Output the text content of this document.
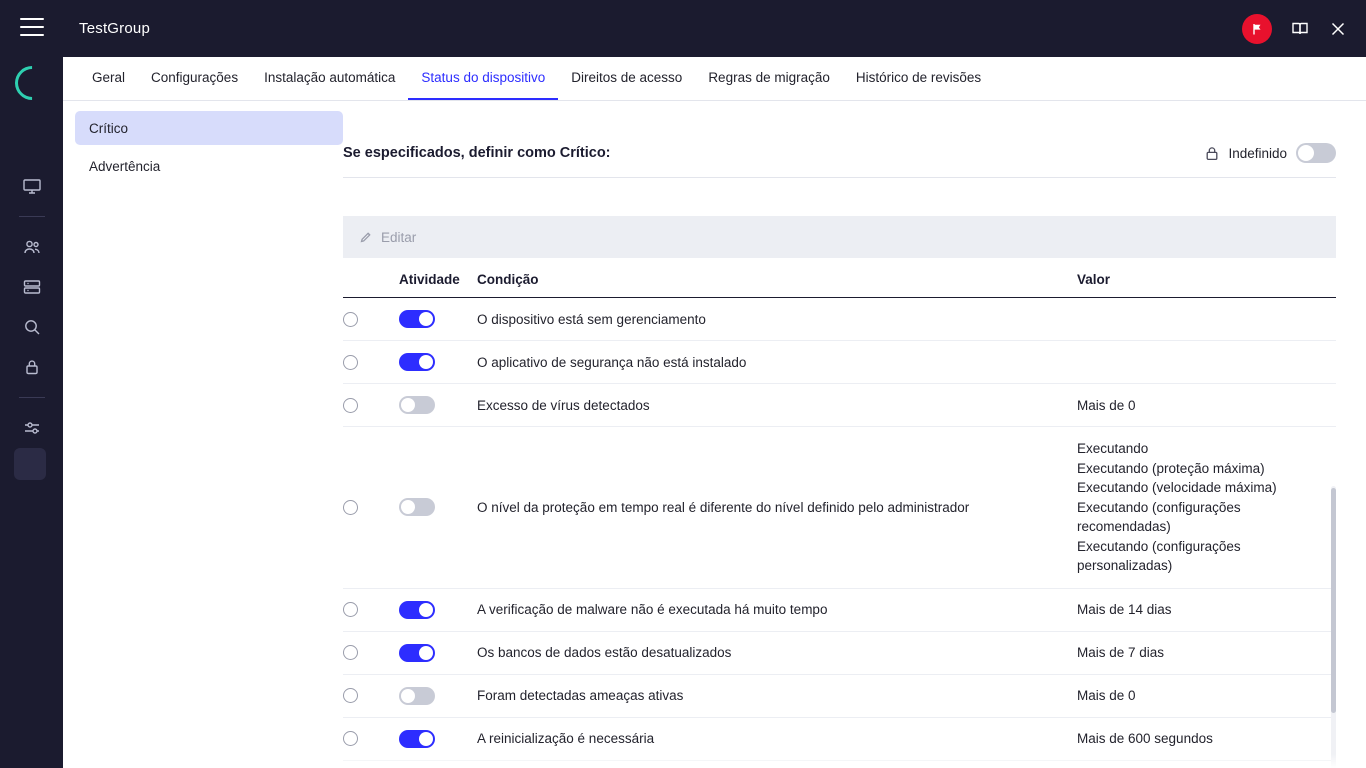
TestGroup
Geral Configurações Instalação automática Status do dispositivo Direitos de acesso Regras de migração Histórico de revisões
Crítico
Advertência
Se especificados, definir como Crítico:	Indefinido
Editar
	Atividade	Condição	Valor

	O dispositivo está sem gerenciamento	

	O aplicativo de segurança não está instalado	

	Excesso de vírus detectados	Mais de 0

	O nível da proteção em tempo real é diferente do nível definido pelo administrador	Executando
Executando (proteção máxima)
Executando (velocidade máxima)
Executando (configurações recomendadas)
Executando (configurações personalizadas)

	A verificação de malware não é executada há muito tempo	Mais de 14 dias

	Os bancos de dados estão desatualizados	Mais de 7 dias

	Foram detectadas ameaças ativas	Mais de 0

	A reinicialização é necessária	Mais de 600 segundos
